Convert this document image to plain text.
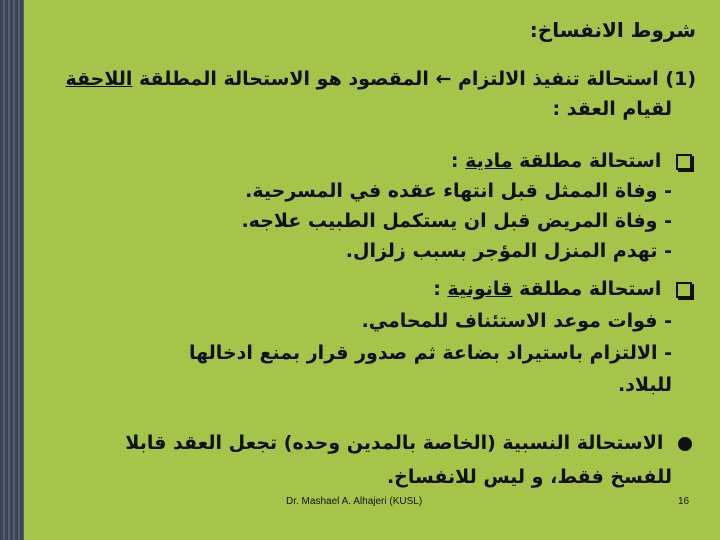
شروط الانفساخ:
(1) استحالة تنفيذ الالتزام ← المقصود هو الاستحالة المطلقة اللاحقة
لقيام العقد :
استحالة مطلقة مادية :
- وفاة الممثل قبل انتهاء عقده في المسرحية.
- وفاة المريض قبل ان يستكمل الطبيب علاجه.
- تهدم المنزل المؤجر بسبب زلزال.
استحالة مطلقة قانونية :
- فوات موعد الاستئناف للمحامي.
- الالتزام باستيراد بضاعة ثم صدور قرار بمنع ادخالها
للبلاد.
الاستحالة النسبية (الخاصة بالمدين وحده) تجعل العقد قابلا
للفسخ فقط، و ليس للانفساخ.
Dr. Mashael A. Alhajeri (KUSL)	16
